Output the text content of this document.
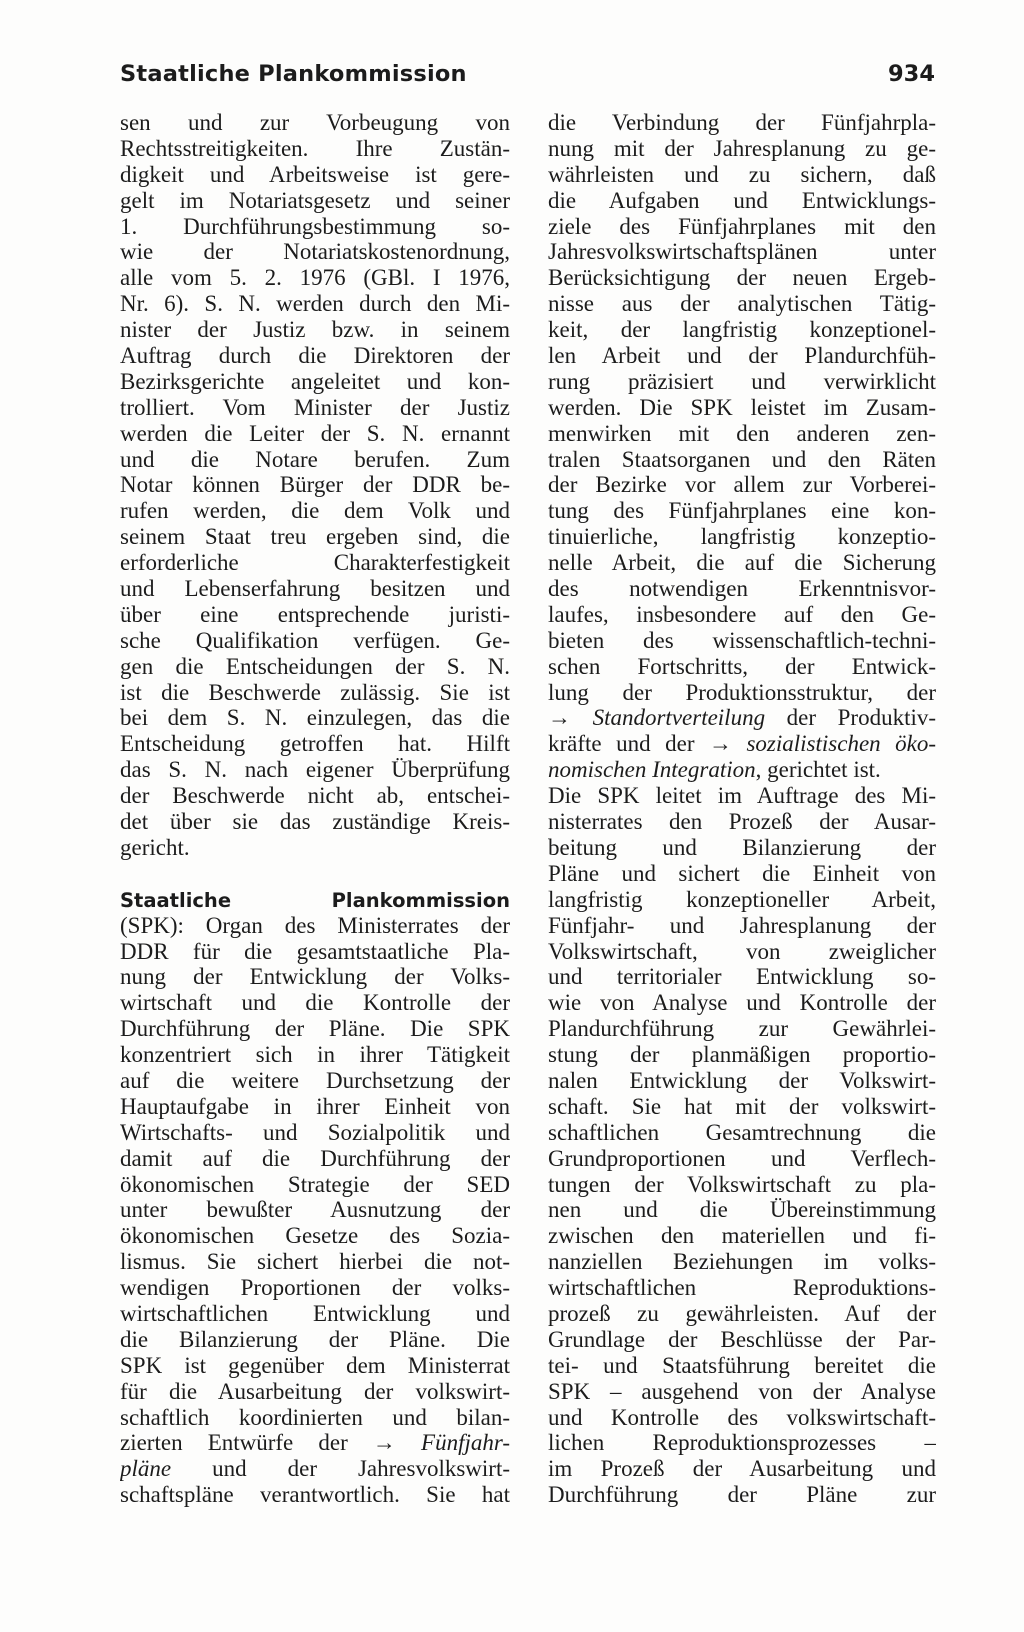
Staatliche Plankommission	934
sen und zur Vorbeugung von
Rechtsstreitigkeiten. Ihre Zustän-
digkeit und Arbeitsweise ist gere-
gelt im Notariatsgesetz und seiner
1. Durchführungsbestimmung so-
wie der Notariatskostenordnung,
alle vom 5. 2. 1976 (GBl. I 1976,
Nr. 6). S. N. werden durch den Mi-
nister der Justiz bzw. in seinem
Auftrag durch die Direktoren der
Bezirksgerichte angeleitet und kon-
trolliert. Vom Minister der Justiz
werden die Leiter der S. N. ernannt
und die Notare berufen. Zum
Notar können Bürger der DDR be-
rufen werden, die dem Volk und
seinem Staat treu ergeben sind, die
erforderliche Charakterfestigkeit
und Lebenserfahrung besitzen und
über eine entsprechende juristi-
sche Qualifikation verfügen. Ge-
gen die Entscheidungen der S. N.
ist die Beschwerde zulässig. Sie ist
bei dem S. N. einzulegen, das die
Entscheidung getroffen hat. Hilft
das S. N. nach eigener Überprüfung
der Beschwerde nicht ab, entschei-
det über sie das zuständige Kreis-
gericht.
Staatliche Plankommission
(SPK): Organ des Ministerrates der
DDR für die gesamtstaatliche Pla-
nung der Entwicklung der Volks-
wirtschaft und die Kontrolle der
Durchführung der Pläne. Die SPK
konzentriert sich in ihrer Tätigkeit
auf die weitere Durchsetzung der
Hauptaufgabe in ihrer Einheit von
Wirtschafts- und Sozialpolitik und
damit auf die Durchführung der
ökonomischen Strategie der SED
unter bewußter Ausnutzung der
ökonomischen Gesetze des Sozia-
lismus. Sie sichert hierbei die not-
wendigen Proportionen der volks-
wirtschaftlichen Entwicklung und
die Bilanzierung der Pläne. Die
SPK ist gegenüber dem Ministerrat
für die Ausarbeitung der volkswirt-
schaftlich koordinierten und bilan-
zierten Entwürfe der → Fünfjahr-
pläne und der Jahresvolkswirt-
schaftspläne verantwortlich. Sie hat
die Verbindung der Fünfjahrpla-
nung mit der Jahresplanung zu ge-
währleisten und zu sichern, daß
die Aufgaben und Entwicklungs-
ziele des Fünfjahrplanes mit den
Jahresvolkswirtschaftsplänen unter
Berücksichtigung der neuen Ergeb-
nisse aus der analytischen Tätig-
keit, der langfristig konzeptionel-
len Arbeit und der Plandurchfüh-
rung präzisiert und verwirklicht
werden. Die SPK leistet im Zusam-
menwirken mit den anderen zen-
tralen Staatsorganen und den Räten
der Bezirke vor allem zur Vorberei-
tung des Fünfjahrplanes eine kon-
tinuierliche, langfristig konzeptio-
nelle Arbeit, die auf die Sicherung
des notwendigen Erkenntnisvor-
laufes, insbesondere auf den Ge-
bieten des wissenschaftlich-techni-
schen Fortschritts, der Entwick-
lung der Produktionsstruktur, der
→ Standortverteilung der Produktiv-
kräfte und der → sozialistischen öko-
nomischen Integration, gerichtet ist.
Die SPK leitet im Auftrage des Mi-
nisterrates den Prozeß der Ausar-
beitung und Bilanzierung der
Pläne und sichert die Einheit von
langfristig konzeptioneller Arbeit,
Fünfjahr- und Jahresplanung der
Volkswirtschaft, von zweiglicher
und territorialer Entwicklung so-
wie von Analyse und Kontrolle der
Plandurchführung zur Gewährlei-
stung der planmäßigen proportio-
nalen Entwicklung der Volkswirt-
schaft. Sie hat mit der volkswirt-
schaftlichen Gesamtrechnung die
Grundproportionen und Verflech-
tungen der Volkswirtschaft zu pla-
nen und die Übereinstimmung
zwischen den materiellen und fi-
nanziellen Beziehungen im volks-
wirtschaftlichen Reproduktions-
prozeß zu gewährleisten. Auf der
Grundlage der Beschlüsse der Par-
tei- und Staatsführung bereitet die
SPK – ausgehend von der Analyse
und Kontrolle des volkswirtschaft-
lichen Reproduktionsprozesses –
im Prozeß der Ausarbeitung und
Durchführung der Pläne zur
